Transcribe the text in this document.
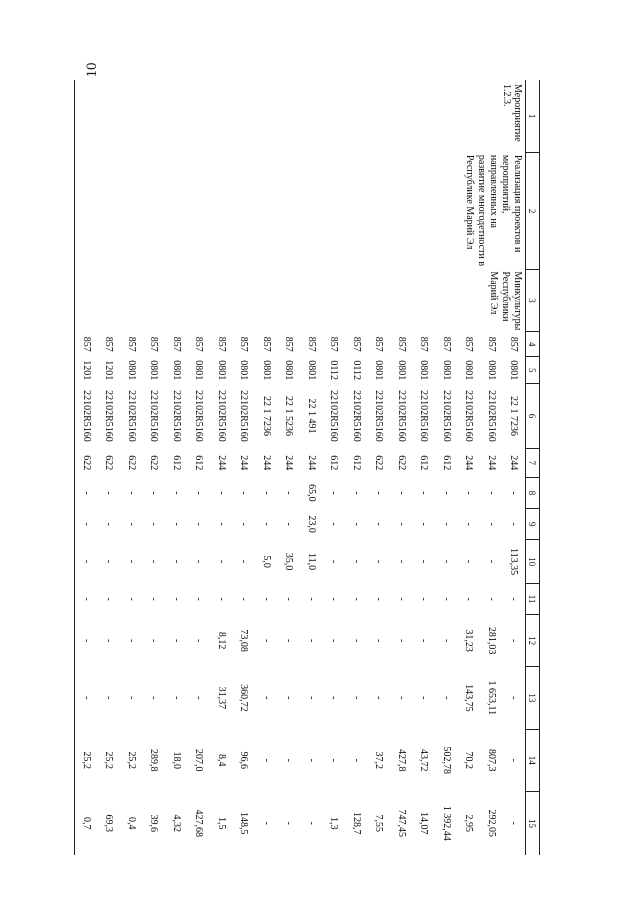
10
1	2	3	4	5	6	7	8	9	10	11	12	13	14	15
Мероприятие 1.2.3.	Реализация проектов и мероприятий, направленных на развитие многодетности в Республике Марий Эл	Минкультуры Республики Марий Эл	857	0801	22 1 7236	244	-	-	113,35	-	-	-	-	-
			857	0801	22102R5160	244	-	-	-	-	281,03	1 653,11	807,3	292,05
			857	0801	22102R5160	244	-	-	-	-	31,23	143,75	70,2	2,95
			857	0801	22102R5160	612	-	-	-	-	-	-	502,78	1 392,44
			857	0801	22102R5160	612	-	-	-	-	-	-	43,72	14,07
			857	0801	22102R5160	622	-	-	-	-	-	-	427,8	747,45
			857	0801	22102R5160	622	-	-	-	-	-	-	37,2	7,55
			857	0112	22102R5160	612	-	-	-	-	-	-	-	128,7
			857	0112	22102R5160	612	-	-	-	-	-	-	-	1,3
			857	0801	22 1 491	244	65,0	23,0	11,0	-	-	-	-	-
			857	0801	22 1 5236	244	-	-	35,0	-	-	-	-	-
			857	0801	22 1 7236	244	-	-	5,0	-	-	-	-	-
			857	0801	22102R5160	244	-	-	-	-	73,08	360,72	96,6	148,5
			857	0801	22102R5160	244	-	-	-	-	8,12	31,37	8,4	1,5
			857	0801	22102R5160	612	-	-	-	-	-	-	207,0	427,68
			857	0801	22102R5160	612	-	-	-	-	-	-	18,0	4,32
			857	0801	22102R5160	622	-	-	-	-	-	-	289,8	39,6
			857	0801	22102R5160	622	-	-	-	-	-	-	25,2	0,4
			857	1201	22102R5160	622	-	-	-	-	-	-	25,2	69,3
			857	1201	22102R5160	622	-	-	-	-	-	-	25,2	0,7
